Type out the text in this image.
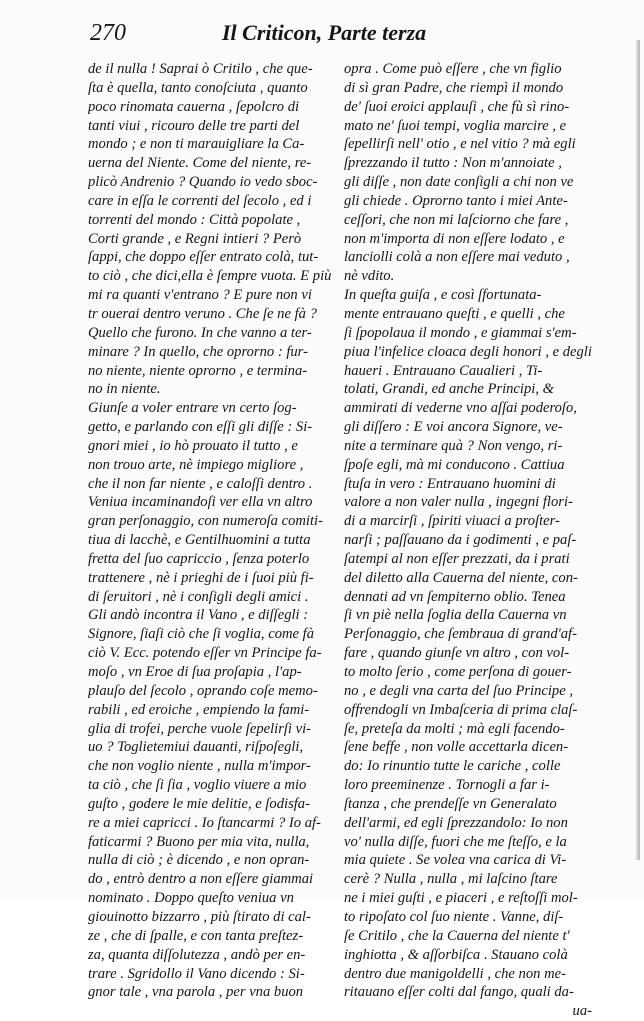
270	Il Criticon, Parte terza
de il nulla ! Saprai ò Critilo , che que-
ſta è quella, tanto conoſciuta , quanto
poco rinomata cauerna , ſepolcro di
tanti viui , ricouro delle tre parti del
mondo ; e non ti marauigliare la Ca-
uerna del Niente. Come del niente, re-
plicò Andrenio ? Quando io vedo sboc-
care in eſſa le correnti del ſecolo , ed i
torrenti del mondo : Città popolate ,
Corti grande , e Regni intieri ? Però
ſappi, che doppo eſſer entrato colà, tut-
to ciò , che dici,ella è ſempre vuota. E più
mi ra quanti v'entrano ? E pure non vi
tr ouerai dentro veruno . Che ſe ne fà ?
Quello che furono. In che vanno a ter-
minare ? In quello, che oprorno : fur-
no niente, niente oprorno , e termina-
no in niente.
Giunſe a voler entrare vn certo ſog-
getto, e parlando con eſſi gli diſſe : Si-
gnori miei , io hò prouato il tutto , e
non trouo arte, nè impiego migliore ,
che il non far niente , e caloſſi dentro .
Veniua incaminandoſi ver ella vn altro
gran perſonaggio, con numeroſa comiti-
tiua di lacchè, e Gentilhuomini a tutta
fretta del ſuo capriccio , ſenza poterlo
trattenere , nè i prieghi de i ſuoi più fi-
di ſeruitori , nè i conſigli degli amici .
Gli andò incontra il Vano , e diſſegli :
Signore, ſiaſi ciò che ſi voglia, come fà
ciò V. Ecc. potendo eſſer vn Principe fa-
moſo , vn Eroe di ſua proſapia , l'ap-
plauſo del ſecolo , oprando coſe memo-
rabili , ed eroiche , empiendo la fami-
glia di trofei, perche vuole ſepelirſi vi-
uo ? Toglietemiui dauanti, riſpoſegli,
che non voglio niente , nulla m'impor-
ta ciò , che ſi ſia , voglio viuere a mio
guſto , godere le mie delitie, e ſodisfa-
re a miei capricci . Io ſtancarmi ? Io af-
faticarmi ? Buono per mia vita, nulla,
nulla di ciò ; è dicendo , e non opran-
do , entrò dentro a non eſſere giammai
nominato . Doppo queſto veniua vn
giouinotto bizzarro , più ſtirato di cal-
ze , che di ſpalle, e con tanta preſtez-
za, quanta diſſolutezza , andò per en-
trare . Sgridollo il Vano dicendo : Si-
gnor tale , vna parola , per vna buon
opra . Come può eſſere , che vn figlio
di sì gran Padre, che riempì il mondo
de' ſuoi eroici applauſi , che fù sì rino-
mato ne' ſuoi tempi, voglia marcire , e
ſepellirſi nell' otio , e nel vitio ? mà egli
ſprezzando il tutto : Non m'annoiate ,
gli diſſe , non date conſigli a chi non ve
gli chiede . Oprorno tanto i miei Ante-
ceſſori, che non mi laſciorno che fare ,
non m'importa di non eſſere lodato , e
lanciolli colà a non eſſere mai veduto ,
nè vdito.
In queſta guiſa , e così ſfortunata-
mente entrauano queſti , e quelli , che
ſi ſpopolaua il mondo , e giammai s'em-
piua l'infelice cloaca degli honori , e degli
haueri . Entrauano Caualieri , Ti-
tolati, Grandi, ed anche Principi, &
ammirati di vederne vno aſſai poderoſo,
gli diſſero : E voi ancora Signore, ve-
nite a terminare quà ? Non vengo, ri-
ſpoſe egli, mà mi conducono . Cattiua
ſtuſa in vero : Entrauano huomini di
valore a non valer nulla , ingegni flori-
di a marcirſi , ſpiriti viuaci a proſter-
narſi ; paſſauano da i godimenti , e paſ-
ſatempi al non eſſer prezzati, da i prati
del diletto alla Cauerna del niente, con-
dennati ad vn ſempiterno oblio. Tenea
ſi vn piè nella ſoglia della Cauerna vn
Perſonaggio, che ſembraua di grand'af-
fare , quando giunſe vn altro , con vol-
to molto ſerio , come perſona di gouer-
no , e degli vna carta del ſuo Principe ,
offrendogli vn Imbaſceria di prima claſ-
ſe, preteſa da molti ; mà egli facendo-
ſene beffe , non volle accettarla dicen-
do: Io rinuntio tutte le cariche , colle
loro preeminenze . Tornogli a far i-
ſtanza , che prendeſſe vn Generalato
dell'armi, ed egli ſprezzandolo: Io non
vo' nulla diſſe, fuori che me ſteſſo, e la
mia quiete . Se volea vna carica di Vi-
cerè ? Nulla , nulla , mi laſcino ſtare
ne i miei guſti , e piaceri , e reſtoſſi mol-
to ripoſato col ſuo niente . Vanne, diſ-
ſe Critilo , che la Cauerna del niente t'
inghiotta , & aſſorbiſca . Stauano colà
dentro due manigoldelli , che non me-
ritauano eſſer colti dal fango, quali da-
ua-
